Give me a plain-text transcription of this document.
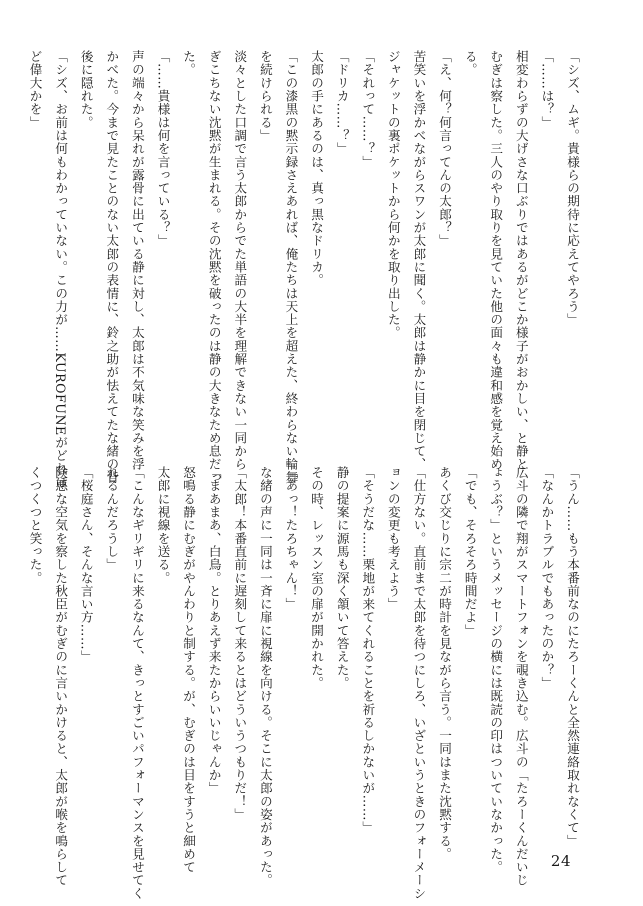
「シズ、ムギ。貴様らの期待に応えてやろう」
「……は？」
相変わらずの大げさな口ぶりではあるがどこか様子がおかしい、と静と
むぎは察した。三人のやり取りを見ていた他の面々も違和感を覚え始め
る。
「え、何？何言ってんの太郎？」
苦笑いを浮かべながらスワンが太郎に聞く。太郎は静かに目を閉じて、
ジャケットの裏ポケットから何かを取り出した。
「それって……？」
「ドリカ……？」
太郎の手にあるのは、真っ黒なドリカ。
「この漆黒の黙示録さえあれば、俺たちは天上を超えた、終わらない輪舞
を続けられる」
淡々とした口調で言う太郎からでた単語の大半を理解できない一同から
ぎこちない沈黙が生まれる。その沈黙を破ったのは静の大きなため息だっ
た。
「……貴様は何を言っている？」
声の端々から呆れが露骨に出ている静に対し、太郎は不気味な笑みを浮
かべた。今まで見たことのない太郎の表情に、鈴之助が怯えてたな緒の背
後に隠れた。
「シズ、お前は何もわかっていない。この力が……KUROFUNEがどれほ
ど偉大かを」
「うん……もう本番前なのにたろーくんと全然連絡取れなくて」
「なんかトラブルでもあったのか？」
広斗の隣で翔がスマートフォンを覗き込む。広斗の「たろーくんだいじ
ょうぶ？」というメッセージの横には既読の印はついていなかった。
「でも、そろそろ時間だよ」
あくび交じりに宗二が時計を見ながら言う。一同はまた沈黙する。
「仕方ない。直前まで太郎を待つにしろ、いざというときのフォーメーシ
ョンの変更も考えよう」
「そうだな……栗地が来てくれることを祈るしかないが……」
静の提案に源馬も深く頷いて答えた。
その時、レッスン室の扉が開かれた。
「あっ！たろちゃん！」
な緒の声に一同は一斉に扉に視線を向ける。そこに太郎の姿があった。
「太郎！本番直前に遅刻して来るとはどういうつもりだ！」
「まあまあ、白鳥。とりあえず来たからいいじゃんか」
怒鳴る静にむぎがやんわりと制する。が、むぎのは目をすうと細めて
太郎に視線を送る。
「こんなギリギリに来るなんて、きっとすごいパフォーマンスを見せてく
れるんだろうし」
「桜庭さん、そんな言い方……」
険悪な空気を察した秋臣がむぎのに言いかけると、太郎が喉を鳴らして
くつくつと笑った。
24
